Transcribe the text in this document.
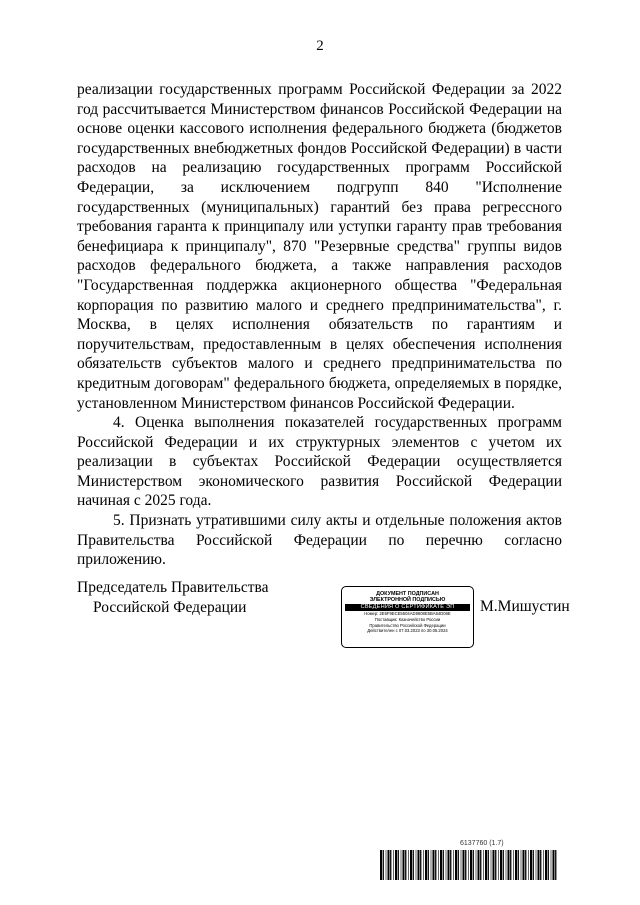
2

реализации государственных программ Российской Федерации за 2022 год рассчитывается Министерством финансов Российской Федерации на основе оценки кассового исполнения федерального бюджета (бюджетов государственных внебюджетных фондов Российской Федерации) в части расходов на реализацию государственных программ Российской Федерации, за исключением подгрупп 840 "Исполнение государственных (муниципальных) гарантий без права регрессного требования гаранта к принципалу или уступки гаранту прав требования бенефициара к принципалу", 870 "Резервные средства" группы видов расходов федерального бюджета, а также направления расходов "Государственная поддержка акционерного общества "Федеральная корпорация по развитию малого и среднего предпринимательства", г. Москва, в целях исполнения обязательств по гарантиям и поручительствам, предоставленным в целях обеспечения исполнения обязательств субъектов малого и среднего предпринимательства по кредитным договорам" федерального бюджета, определяемых в порядке, установленном Министерством финансов Российской Федерации.

4. Оценка выполнения показателей государственных программ Российской Федерации и их структурных элементов с учетом их реализации в субъектах Российской Федерации осуществляется Министерством экономического развития Российской Федерации начиная с 2025 года.

5. Признать утратившими силу акты и отдельные положения актов Правительства Российской Федерации по перечню согласно приложению.

Председатель Правительства
Российской Федерации
ДОКУМЕНТ ПОДПИСАН
ЭЛЕКТРОННОЙ ПОДПИСЬЮ
СВЕДЕНИЯ О СЕРТИФИКАТЕ ЭП
Номер: 2E6F9ECE5504AD8608E5BA64D06E
Поставщик: Казначейство России
Правительство Российской Федерации
Действителен с 07.03.2023 по 30.05.2024
М.Мишустин
6137760 (1.7)
